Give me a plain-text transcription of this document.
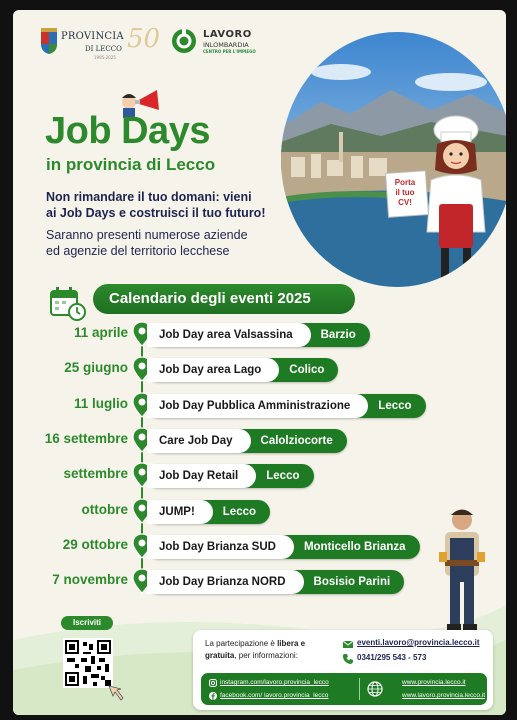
PROVINCIA
DI LECCO
1995-2025
50	LAVORO
INLOMBARDIA
CENTRO PER L'IMPIEGO
Porta
il tuo
CV!
Job Days
in provincia di Lecco
Non rimandare il tuo domani: vieni
ai Job Days e costruisci il tuo futuro!
Saranno presenti numerose aziende
ed agenzie del territorio lecchese
Calendario degli eventi 2025
11 aprile	Job Day area Valsassina	Barzio
25 giugno	Job Day area Lago	Colico
11 luglio	Job Day Pubblica Amministrazione	Lecco
16 settembre	Care Job Day	Calolziocorte
settembre	Job Day Retail	Lecco
ottobre	JUMP!	Lecco
29 ottobre	Job Day Brianza SUD	Monticello Brianza
7 novembre	Job Day Brianza NORD	Bosisio Parini
Iscriviti
La partecipazione è libera e
gratuita, per informazioni:
eventi.lavoro@provincia.lecco.it
0341/295 543 - 573
instagram.com/lavoro.provincia_lecco
facebook.com/ lavoro.provincia_lecco
www.provincia.lecco.it
www.lavoro.provincia.lecco.it
